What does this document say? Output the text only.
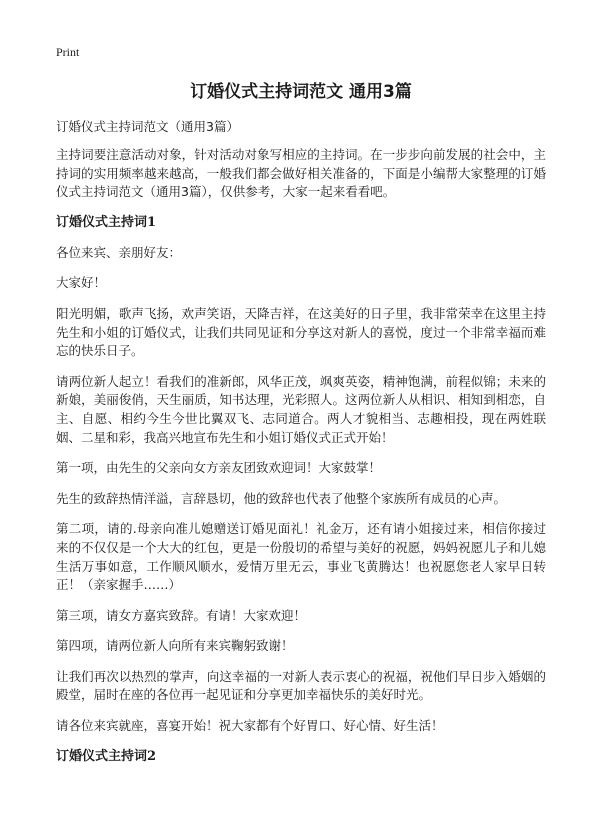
Print
订婚仪式主持词范文 通用3篇

订婚仪式主持词范文（通用3篇）

主持词要注意活动对象，针对活动对象写相应的主持词。在一步步向前发展的社会中，主持词的实用频率越来越高，一般我们都会做好相关准备的，下面是小编帮大家整理的订婚仪式主持词范文（通用3篇），仅供参考，大家一起来看看吧。

订婚仪式主持词1

各位来宾、亲朋好友：

大家好！

阳光明媚，歌声飞扬，欢声笑语，天降吉祥，在这美好的日子里，我非常荣幸在这里主持先生和小姐的订婚仪式，让我们共同见证和分享这对新人的喜悦，度过一个非常幸福而难忘的快乐日子。

请两位新人起立！看我们的准新郎，风华正茂，飒爽英姿，精神饱满，前程似锦；未来的新娘，美丽俊俏，天生丽质，知书达理，光彩照人。这两位新人从相识、相知到相恋，自主、自愿、相约今生今世比翼双飞、志同道合。两人才貌相当、志趣相投，现在两姓联姻、二星和彩，我高兴地宣布先生和小姐订婚仪式正式开始！

第一项，由先生的父亲向女方亲友团致欢迎词！大家鼓掌！

先生的致辞热情洋溢，言辞恳切，他的致辞也代表了他整个家族所有成员的心声。

第二项，请的.母亲向准儿媳赠送订婚见面礼！礼金万，还有请小姐接过来，相信你接过来的不仅仅是一个大大的红包，更是一份殷切的希望与美好的祝愿，妈妈祝愿儿子和儿媳生活万事如意，工作顺风顺水，爱情万里无云，事业飞黄腾达！也祝愿您老人家早日转正！（亲家握手……）

第三项，请女方嘉宾致辞。有请！大家欢迎！

第四项，请两位新人向所有来宾鞠躬致谢！

让我们再次以热烈的掌声，向这幸福的一对新人表示衷心的祝福，祝他们早日步入婚姻的殿堂，届时在座的各位再一起见证和分享更加幸福快乐的美好时光。

请各位来宾就座，喜宴开始！祝大家都有个好胃口、好心情、好生活！

订婚仪式主持词2
